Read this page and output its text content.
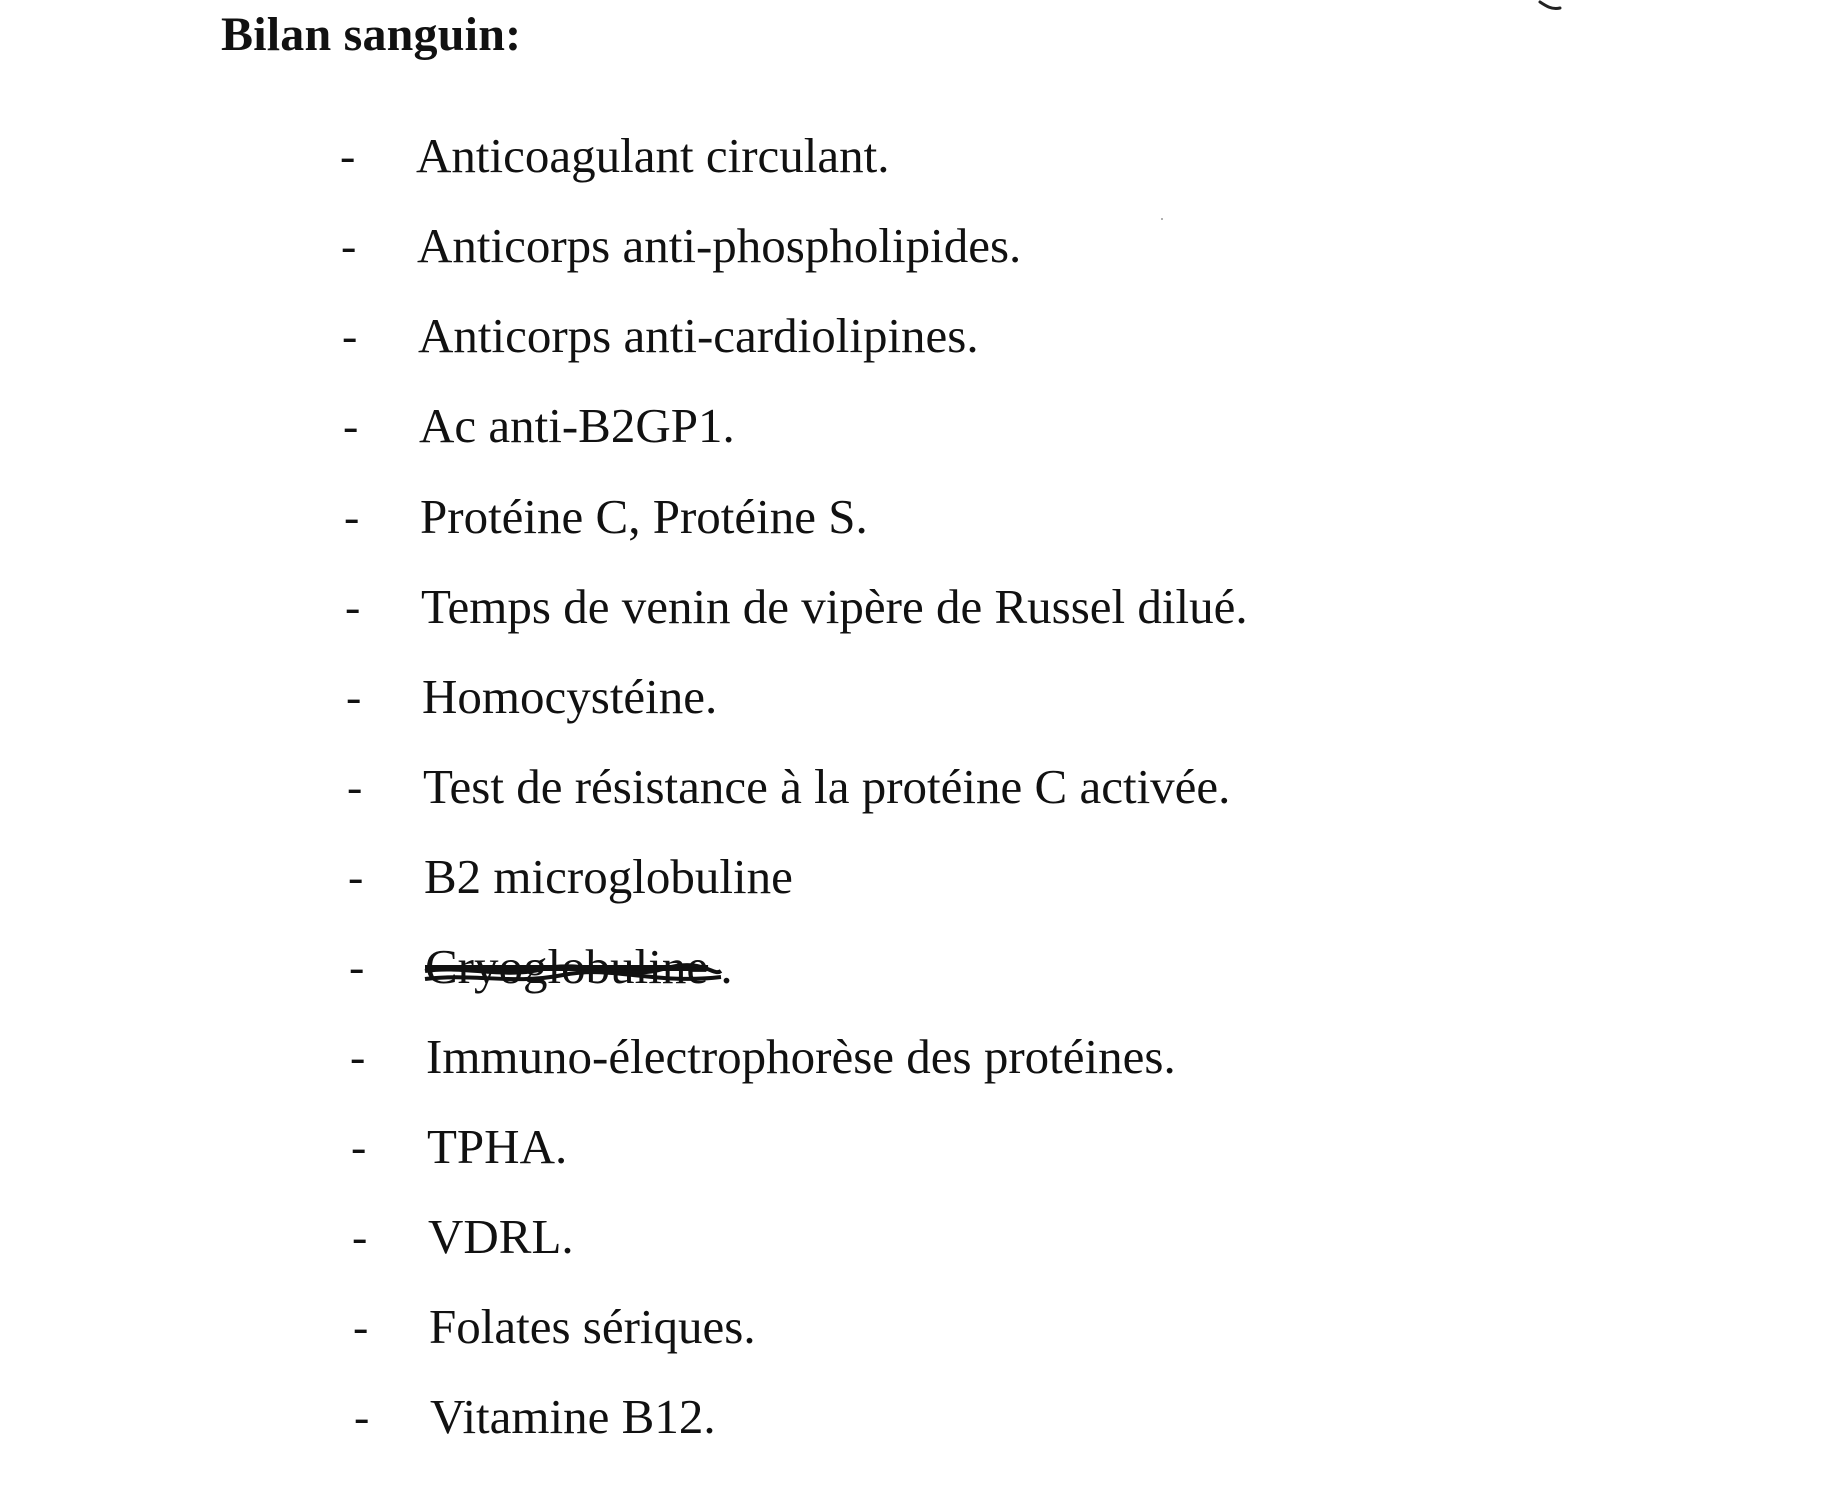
Bilan sanguin:
- Anticoagulant circulant.
- Anticorps anti-phospholipides.
- Anticorps anti-cardiolipines.
- Ac anti-B2GP1.
- Protéine C, Protéine S.
- Temps de venin de vipère de Russel dilué.
- Homocystéine.
- Test de résistance à la protéine C activée.
- B2 microglobuline
- Cryoglobuline .
- Immuno-électrophorèse des protéines.
- TPHA.
- VDRL.
- Folates sériques.
- Vitamine B12.
